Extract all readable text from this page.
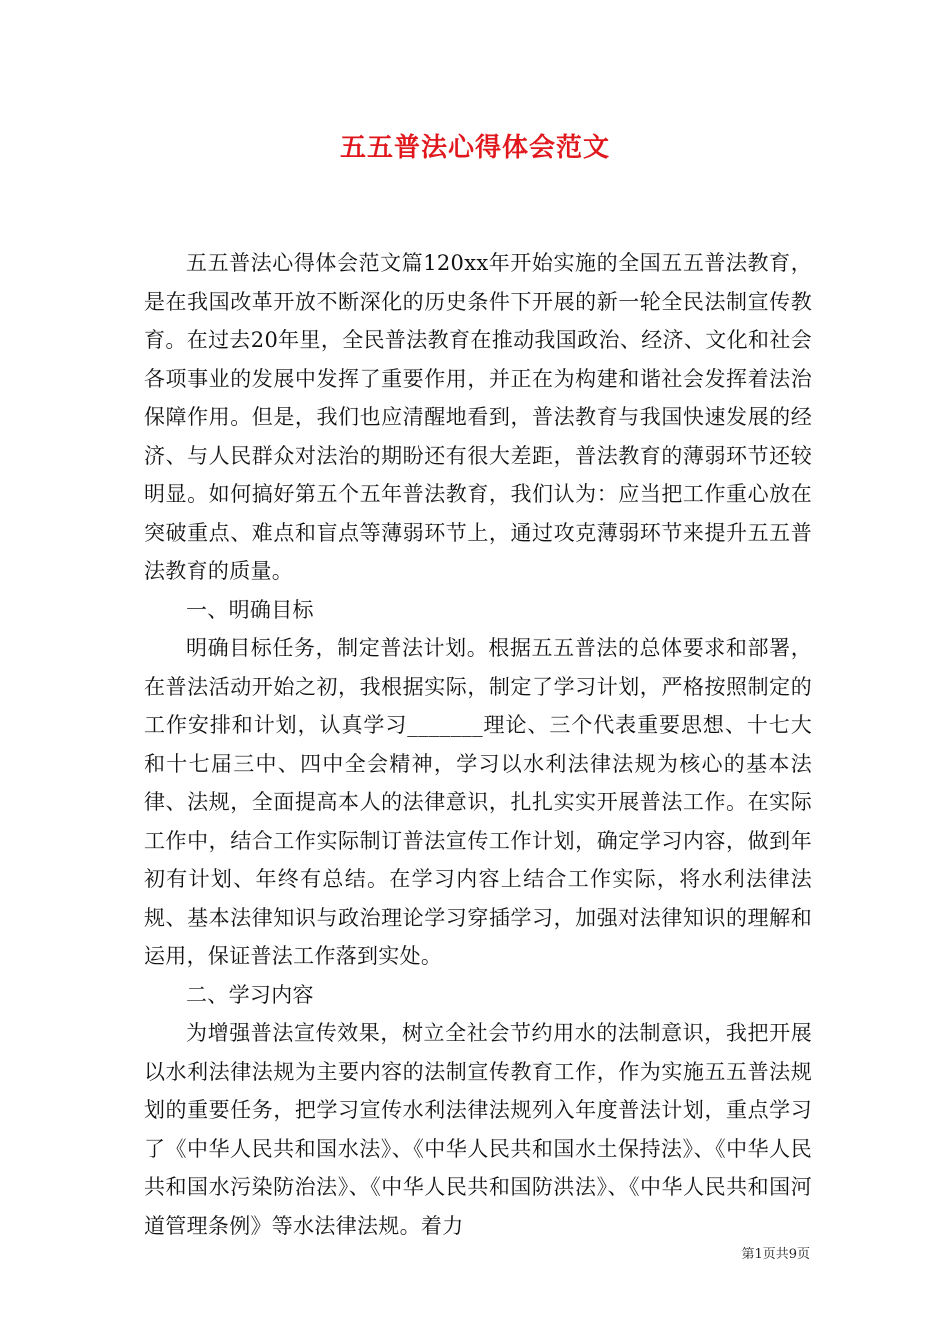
五五普法心得体会范文

五五普法心得体会范文篇120xx年开始实施的全国五五普法教育，是在我国改革开放不断深化的历史条件下开展的新一轮全民法制宣传教育。在过去20年里，全民普法教育在推动我国政治、经济、文化和社会各项事业的发展中发挥了重要作用，并正在为构建和谐社会发挥着法治保障作用。但是，我们也应清醒地看到，普法教育与我国快速发展的经济、与人民群众对法治的期盼还有很大差距，普法教育的薄弱环节还较明显。如何搞好第五个五年普法教育，我们认为：应当把工作重心放在突破重点、难点和盲点等薄弱环节上，通过攻克薄弱环节来提升五五普法教育的质量。

一、明确目标

明确目标任务，制定普法计划。根据五五普法的总体要求和部署，在普法活动开始之初，我根据实际，制定了学习计划，严格按照制定的工作安排和计划，认真学习_______理论、三个代表重要思想、十七大和十七届三中、四中全会精神，学习以水利法律法规为核心的基本法律、法规，全面提高本人的法律意识，扎扎实实开展普法工作。在实际工作中，结合工作实际制订普法宣传工作计划，确定学习内容，做到年初有计划、年终有总结。在学习内容上结合工作实际，将水利法律法规、基本法律知识与政治理论学习穿插学习，加强对法律知识的理解和运用，保证普法工作落到实处。

二、学习内容

为增强普法宣传效果，树立全社会节约用水的法制意识，我把开展以水利法律法规为主要内容的法制宣传教育工作，作为实施五五普法规划的重要任务，把学习宣传水利法律法规列入年度普法计划，重点学习了《中华人民共和国水法》、《中华人民共和国水土保持法》、《中华人民共和国水污染防治法》、《中华人民共和国防洪法》、《中华人民共和国河道管理条例》等水法律法规。着力

第1页共9页
